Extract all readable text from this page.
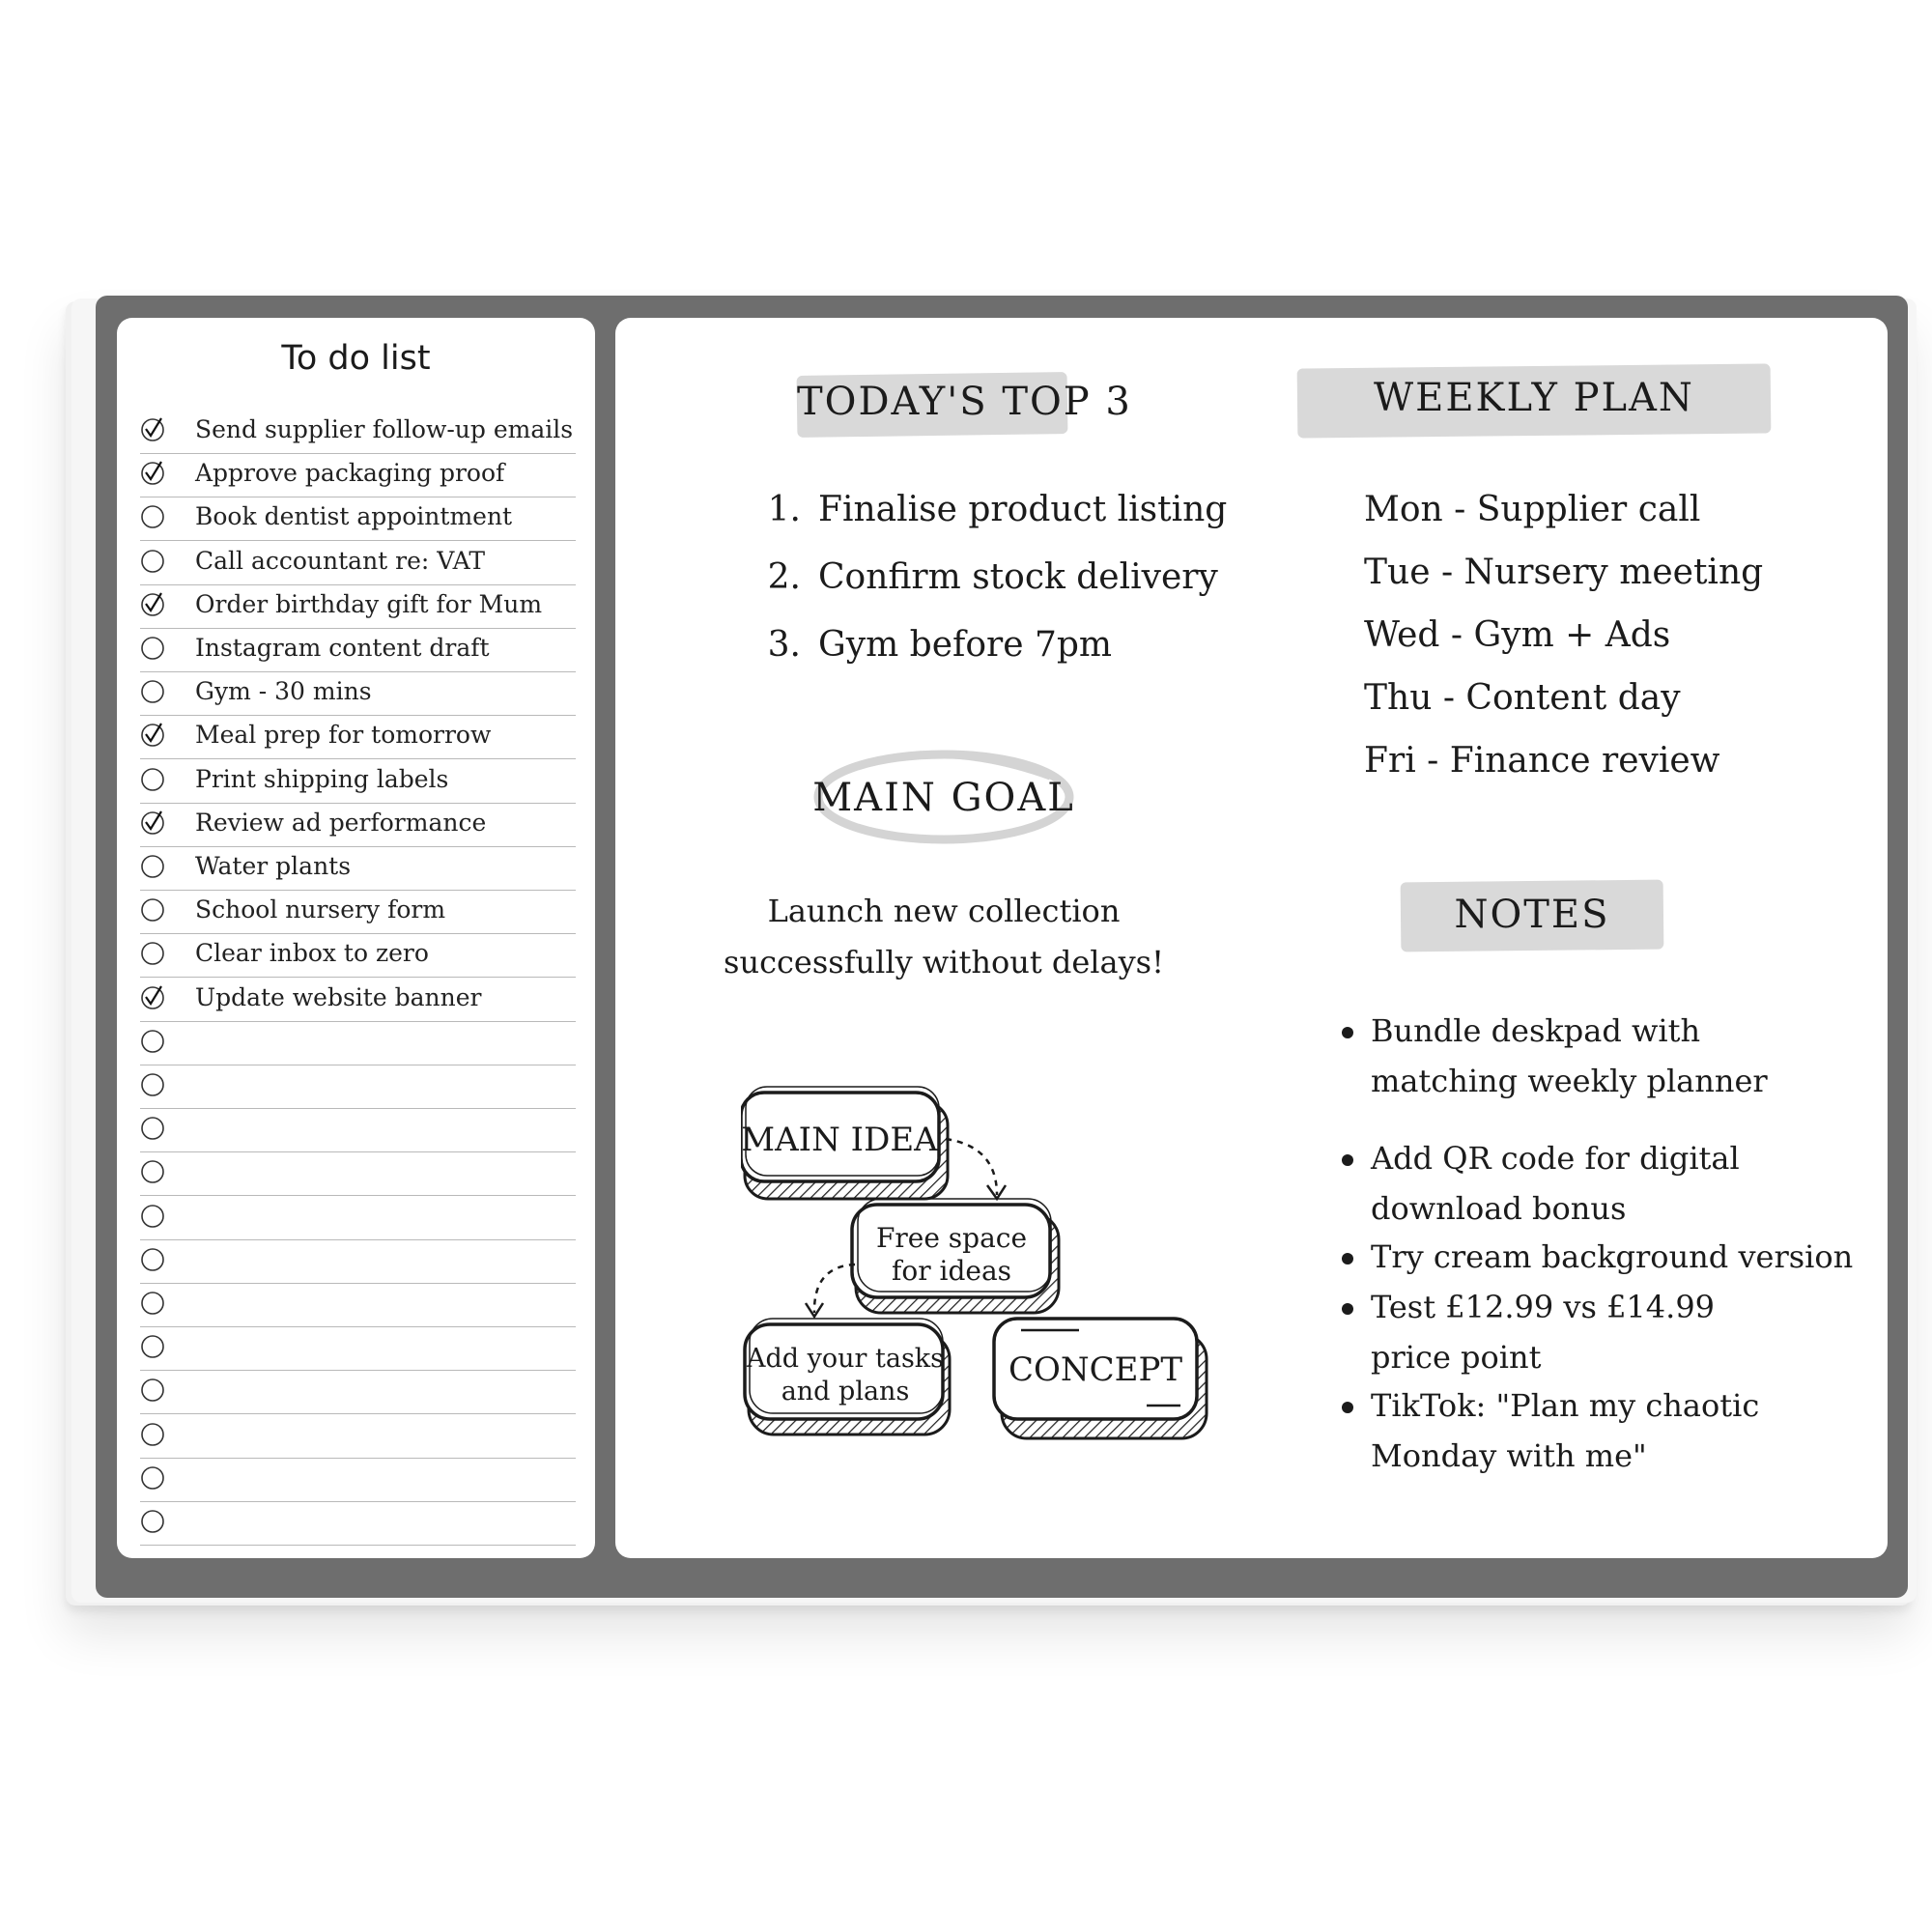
To do list
Send supplier follow-up emails
Approve packaging proof
Book dentist appointment
Call accountant re: VAT
Order birthday gift for Mum
Instagram content draft
Gym - 30 mins
Meal prep for tomorrow
Print shipping labels
Review ad performance
Water plants
School nursery form
Clear inbox to zero
Update website banner
TODAY'S TOP 3
1. Finalise product listing
2. Confirm stock delivery
3. Gym before 7pm
MAIN GOAL
Launch new collection
successfully without delays!
MAIN IDEA
Free space
for ideas
Add your tasks
and plans
CONCEPT
WEEKLY PLAN
Mon - Supplier call
Tue - Nursery meeting
Wed - Gym + Ads
Thu - Content day
Fri - Finance review
NOTES
Bundle deskpad with matching weekly planner
Add QR code for digital download bonus
Try cream background version
Test £12.99 vs £14.99 price point
TikTok: "Plan my chaotic Monday with me"
